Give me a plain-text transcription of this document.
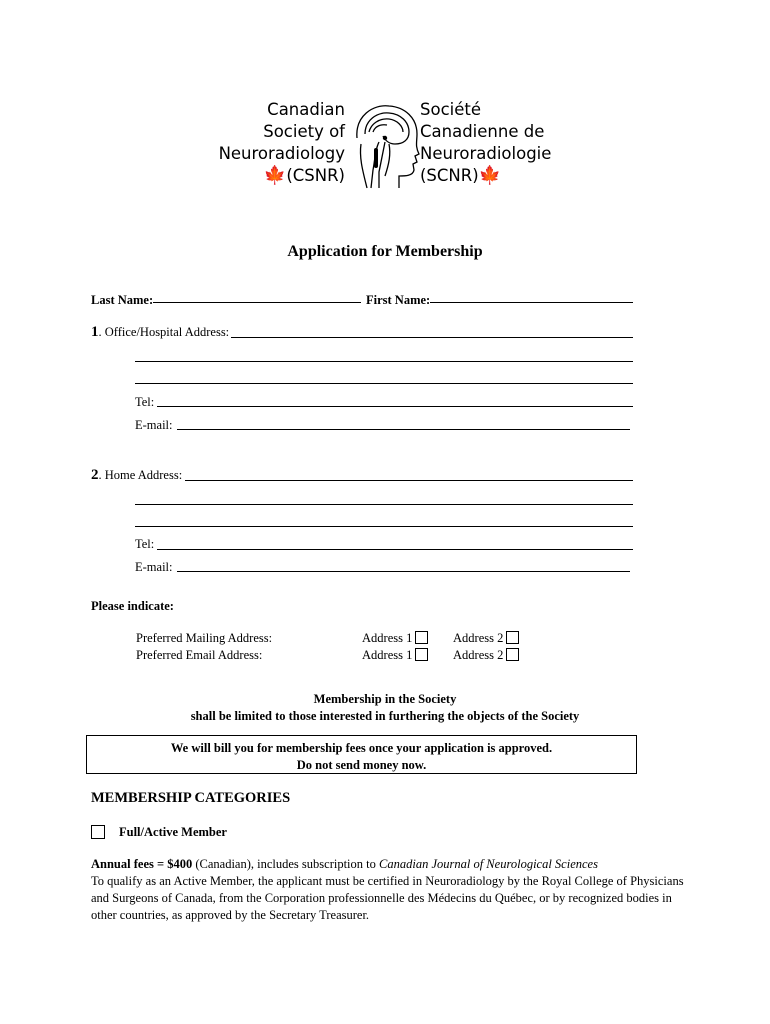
Canadian
Society of
Neuroradiology
🍁(CSNR)
Société
Canadienne de
Neuroradiologie
(SCNR)🍁
Application for Membership
Last Name:	First Name:
1. Office/Hospital Address:
Tel:
E-mail:
2. Home Address:
Tel:
E-mail:
Please indicate:
Preferred Mailing Address:	Address 1	Address 2
Preferred Email Address:	Address 1	Address 2
Membership in the Society
shall be limited to those interested in furthering the objects of the Society
We will bill you for membership fees once your application is approved.
Do not send money now.
MEMBERSHIP CATEGORIES
Full/Active Member
Annual fees = $400 (Canadian), includes subscription to Canadian Journal of Neurological Sciences
To qualify as an Active Member, the applicant must be certified in Neuroradiology by the Royal College of Physicians and Surgeons of Canada, from the Corporation professionnelle des Médecins du Québec, or by recognized bodies in other countries, as approved by the Secretary Treasurer.
